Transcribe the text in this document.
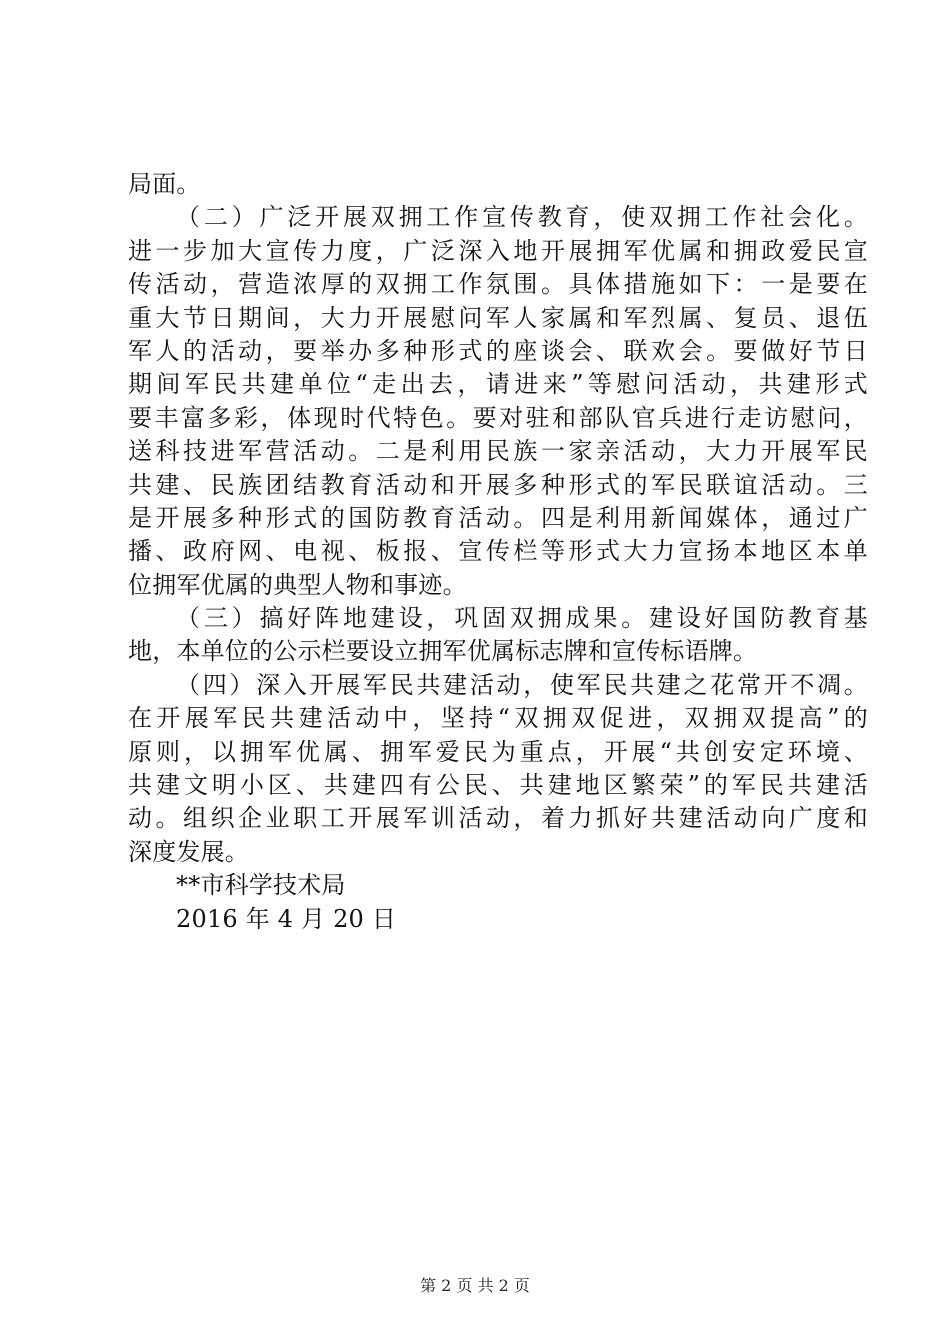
局面。
（二）广泛开展双拥工作宣传教育，使双拥工作社会化。
进一步加大宣传力度，广泛深入地开展拥军优属和拥政爱民宣
传活动，营造浓厚的双拥工作氛围。具体措施如下：一是要在
重大节日期间，大力开展慰问军人家属和军烈属、复员、退伍
军人的活动，要举办多种形式的座谈会、联欢会。要做好节日
期间军民共建单位“走出去，请进来”等慰问活动，共建形式
要丰富多彩，体现时代特色。要对驻和部队官兵进行走访慰问，
送科技进军营活动。二是利用民族一家亲活动，大力开展军民
共建、民族团结教育活动和开展多种形式的军民联谊活动。三
是开展多种形式的国防教育活动。四是利用新闻媒体，通过广
播、政府网、电视、板报、宣传栏等形式大力宣扬本地区本单
位拥军优属的典型人物和事迹。
（三）搞好阵地建设，巩固双拥成果。建设好国防教育基
地，本单位的公示栏要设立拥军优属标志牌和宣传标语牌。
（四）深入开展军民共建活动，使军民共建之花常开不凋。
在开展军民共建活动中，坚持“双拥双促进，双拥双提高”的
原则，以拥军优属、拥军爱民为重点，开展“共创安定环境、
共建文明小区、共建四有公民、共建地区繁荣”的军民共建活
动。组织企业职工开展军训活动，着力抓好共建活动向广度和
深度发展。
**市科学技术局
2016 年 4 月 20 日
第 2 页 共 2 页
